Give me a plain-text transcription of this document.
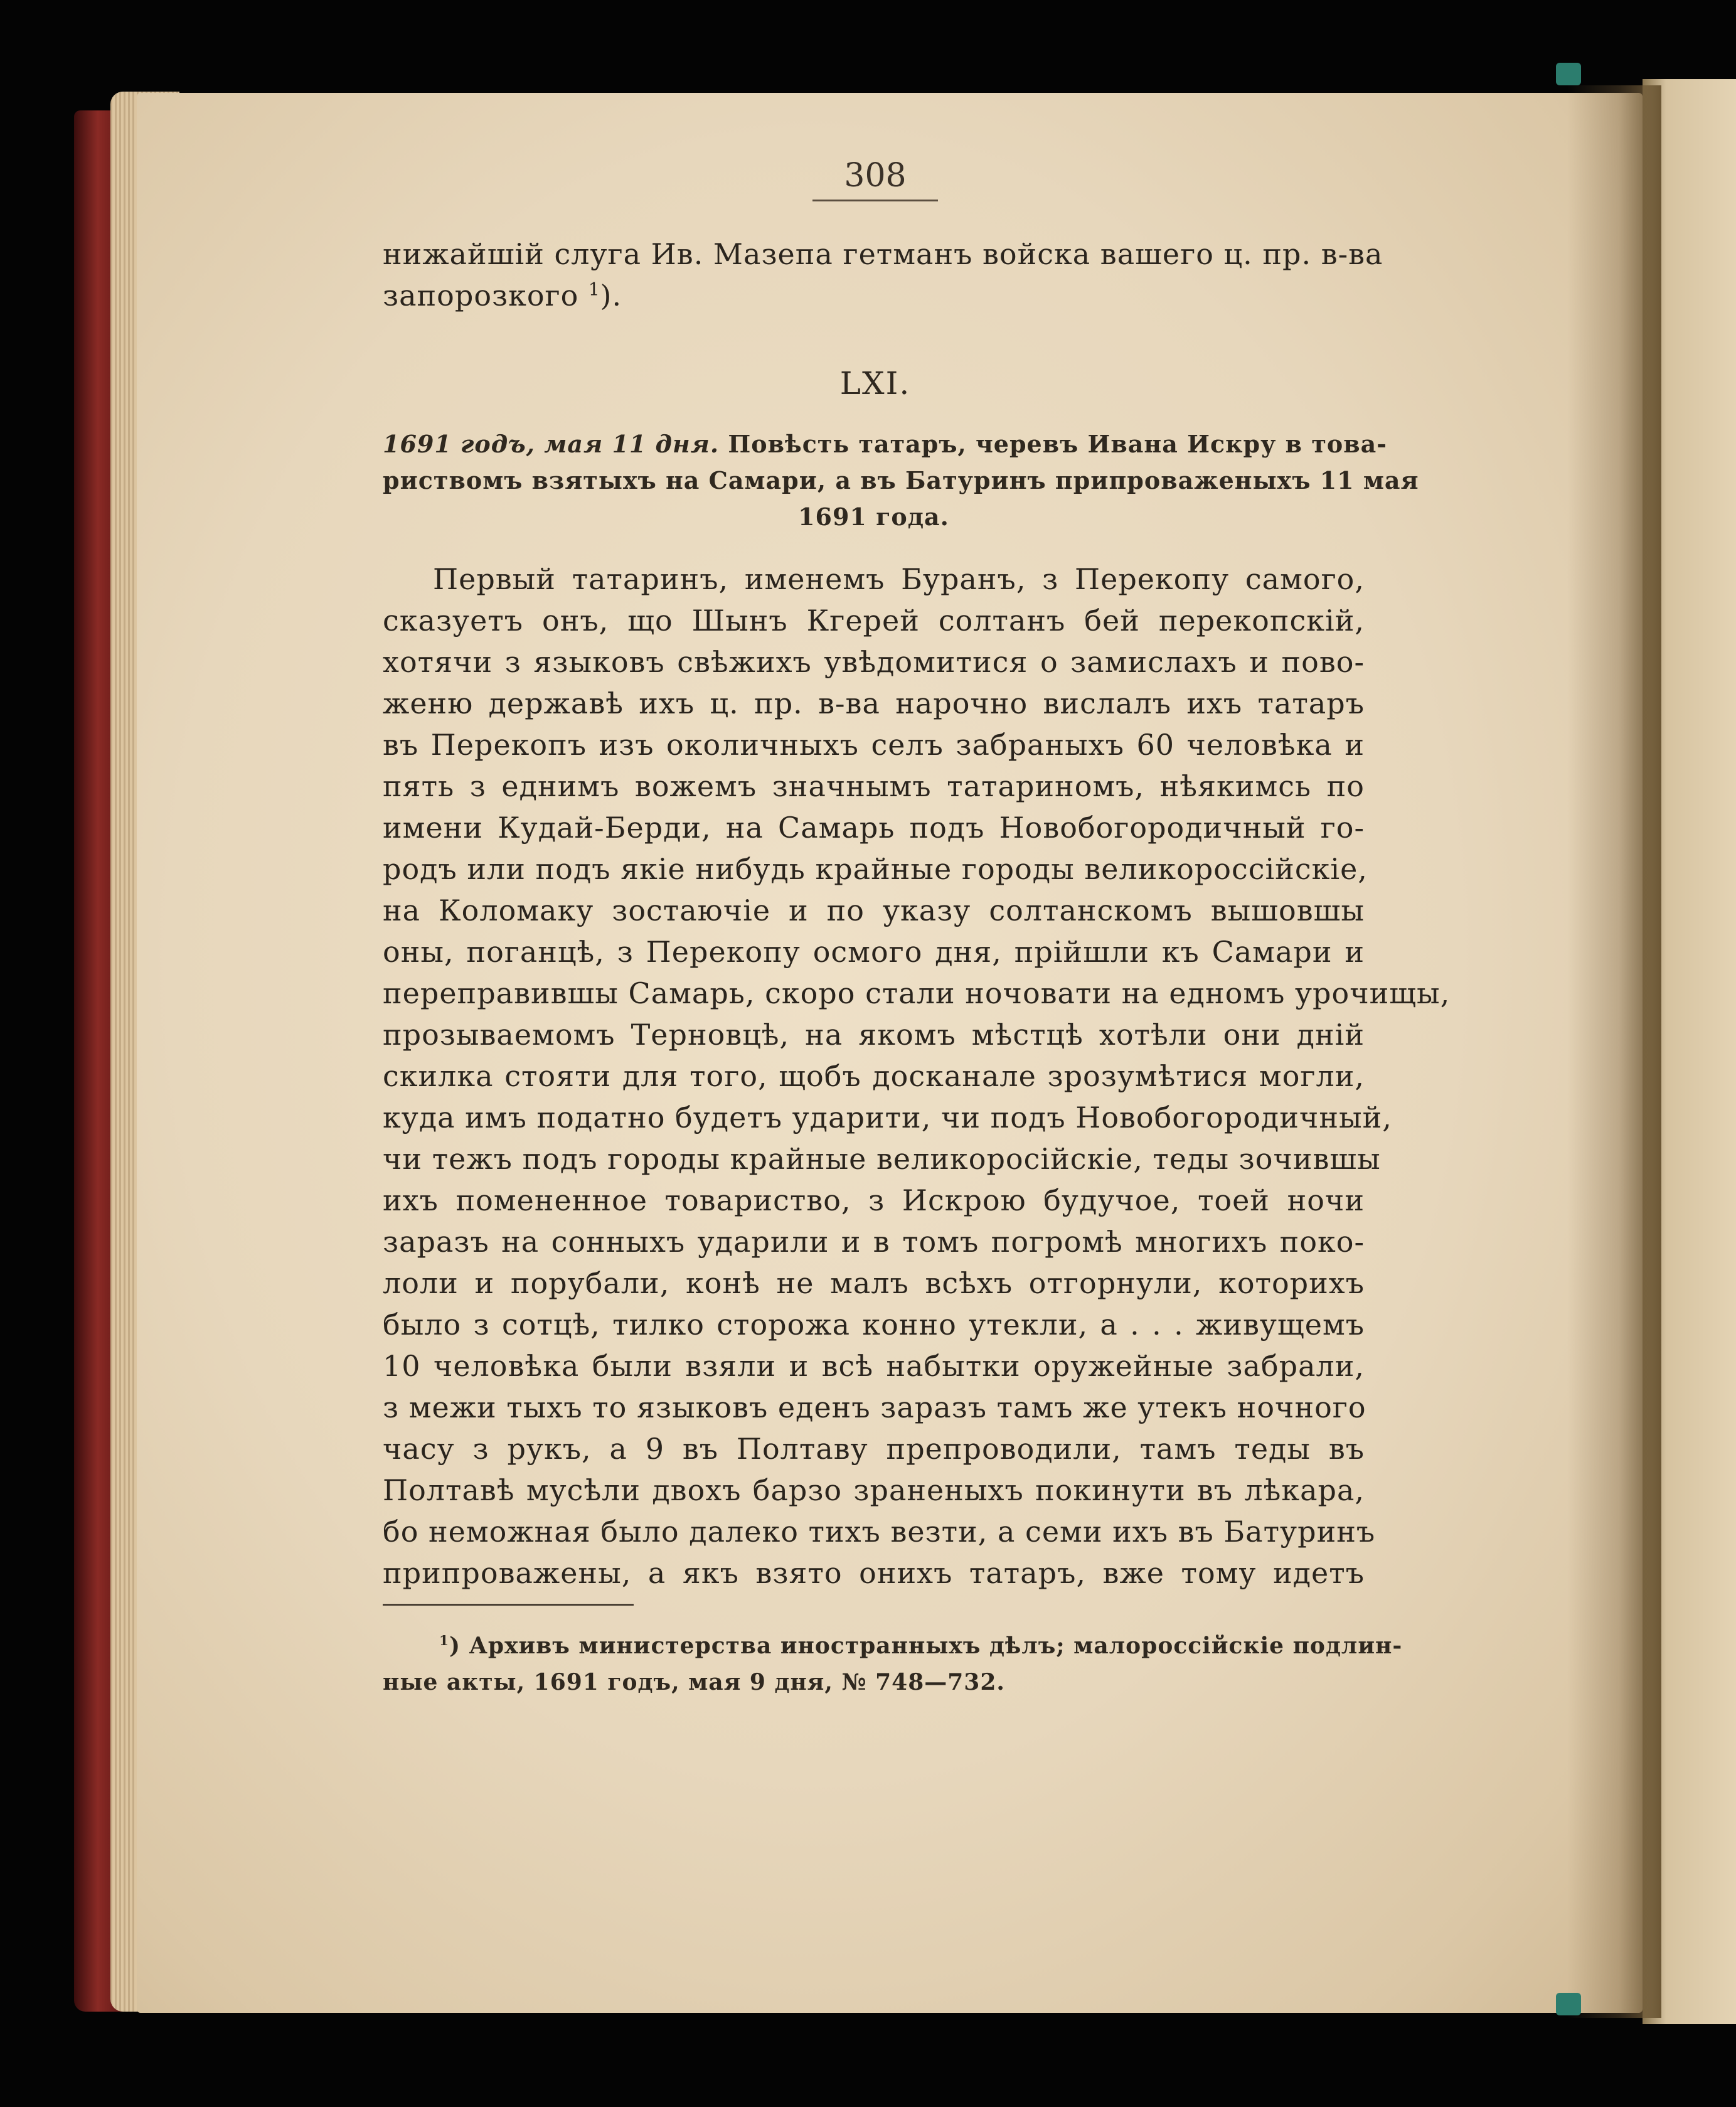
308
нижайшій слуга Ив. Мазепа гетманъ войска вашего ц. пр. в-ва
запорозкого $^1$).
LXI.
1691 годъ, мая 11 дня. Повѣсть татаръ, черевъ Ивана Искру в това-
риствомъ взятыхъ на Самари, а въ Батуринъ припроваженыхъ 11 мая
1691 года.
Первый татаринъ, именемъ Буранъ, з Перекопу самого,
сказуетъ онъ, що Шынъ Кгерей солтанъ бей перекопскій,
хотячи з языковъ свѣжихъ увѣдомитися о замислахъ и пово-
женю державѣ ихъ ц. пр. в-ва нарочно вислалъ ихъ татаръ
въ Перекопъ изъ околичныхъ селъ забраныхъ 60 человѣка и
пять з еднимъ вожемъ значнымъ татариномъ, нѣякимсь по
имени Кудай-Берди, на Самарь подъ Новобогородичный го-
родъ или подъ якіе нибудь крайные городы великороссійскіе,
на Коломаку зостаючіе и по указу солтанскомъ вышовшы
оны, поганцѣ, з Перекопу осмого дня, прійшли къ Самари и
переправившы Самарь, скоро стали ночовати на едномъ урочищы,
прозываемомъ Терновцѣ, на якомъ мѣстцѣ хотѣли они дній
скилка стояти для того, щобъ досканале зрозумѣтися могли,
куда имъ податно будетъ ударити, чи подъ Новобогородичный,
чи тежъ подъ городы крайные великоросійскіе, теды зочившы
ихъ помененное товариство, з Искрою будучое, тоей ночи
заразъ на сонныхъ ударили и в томъ погромѣ многихъ поко-
лоли и порубали, конѣ не малъ всѣхъ отгорнули, которихъ
было з сотцѣ, тилко сторожа конно утекли, а . . . живущемъ
10 человѣка были взяли и всѣ набытки оружейные забрали,
з межи тыхъ то языковъ еденъ заразъ тамъ же утекъ ночного
часу з рукъ, а 9 въ Полтаву препроводили, тамъ теды въ
Полтавѣ мусѣли двохъ барзо зраненыхъ покинути въ лѣкара,
бо неможная было далеко тихъ везти, а семи ихъ въ Батуринъ
припроважены, а якъ взято онихъ татаръ, вже тому идетъ
$^1$) Архивъ министерства иностранныхъ дѣлъ; малороссійскіе подлин-
ные акты, 1691 годъ, мая 9 дня, № 748—732.
